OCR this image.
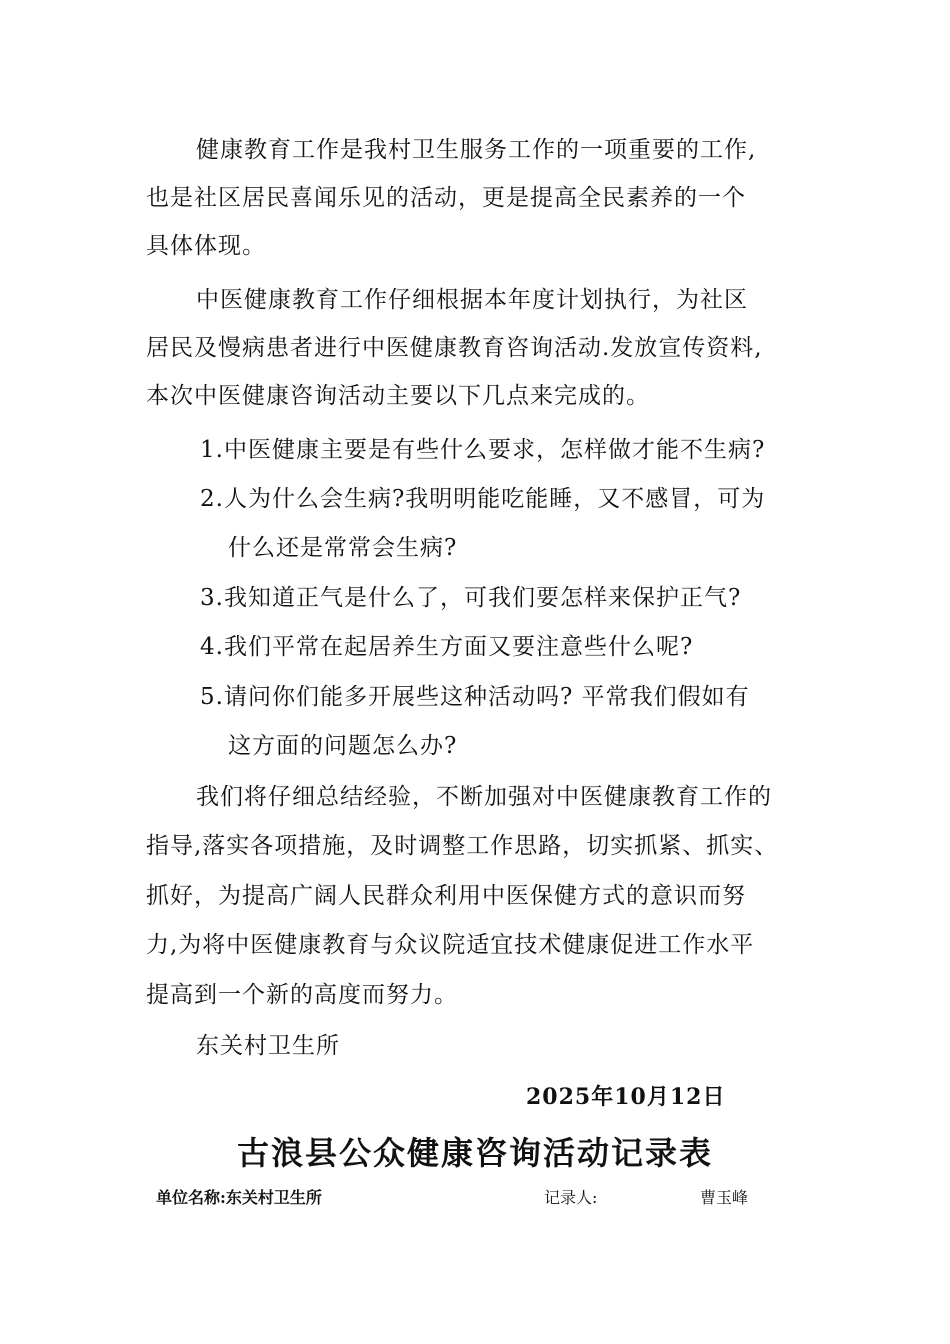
健康教育工作是我村卫生服务工作的一项重要的工作,
也是社区居民喜闻乐见的活动，更是提高全民素养的一个
具体体现。
中医健康教育工作仔细根据本年度计划执行，为社区
居民及慢病患者进行中医健康教育咨询活动.发放宣传资料,
本次中医健康咨询活动主要以下几点来完成的。
1.中医健康主要是有些什么要求，怎样做才能不生病?
2.人为什么会生病?我明明能吃能睡，又不感冒，可为
什么还是常常会生病?
3.我知道正气是什么了，可我们要怎样来保护正气?
4.我们平常在起居养生方面又要注意些什么呢?
5.请问你们能多开展些这种活动吗? 平常我们假如有
这方面的问题怎么办?
我们将仔细总结经验，不断加强对中医健康教育工作的
指导,落实各项措施，及时调整工作思路，切实抓紧、抓实、
抓好，为提高广阔人民群众利用中医保健方式的意识而努
力,为将中医健康教育与众议院适宜技术健康促进工作水平
提高到一个新的高度而努力。
东关村卫生所
2025年10月12日
古浪县公众健康咨询活动记录表
单位名称:东关村卫生所	记录人:	曹玉峰
